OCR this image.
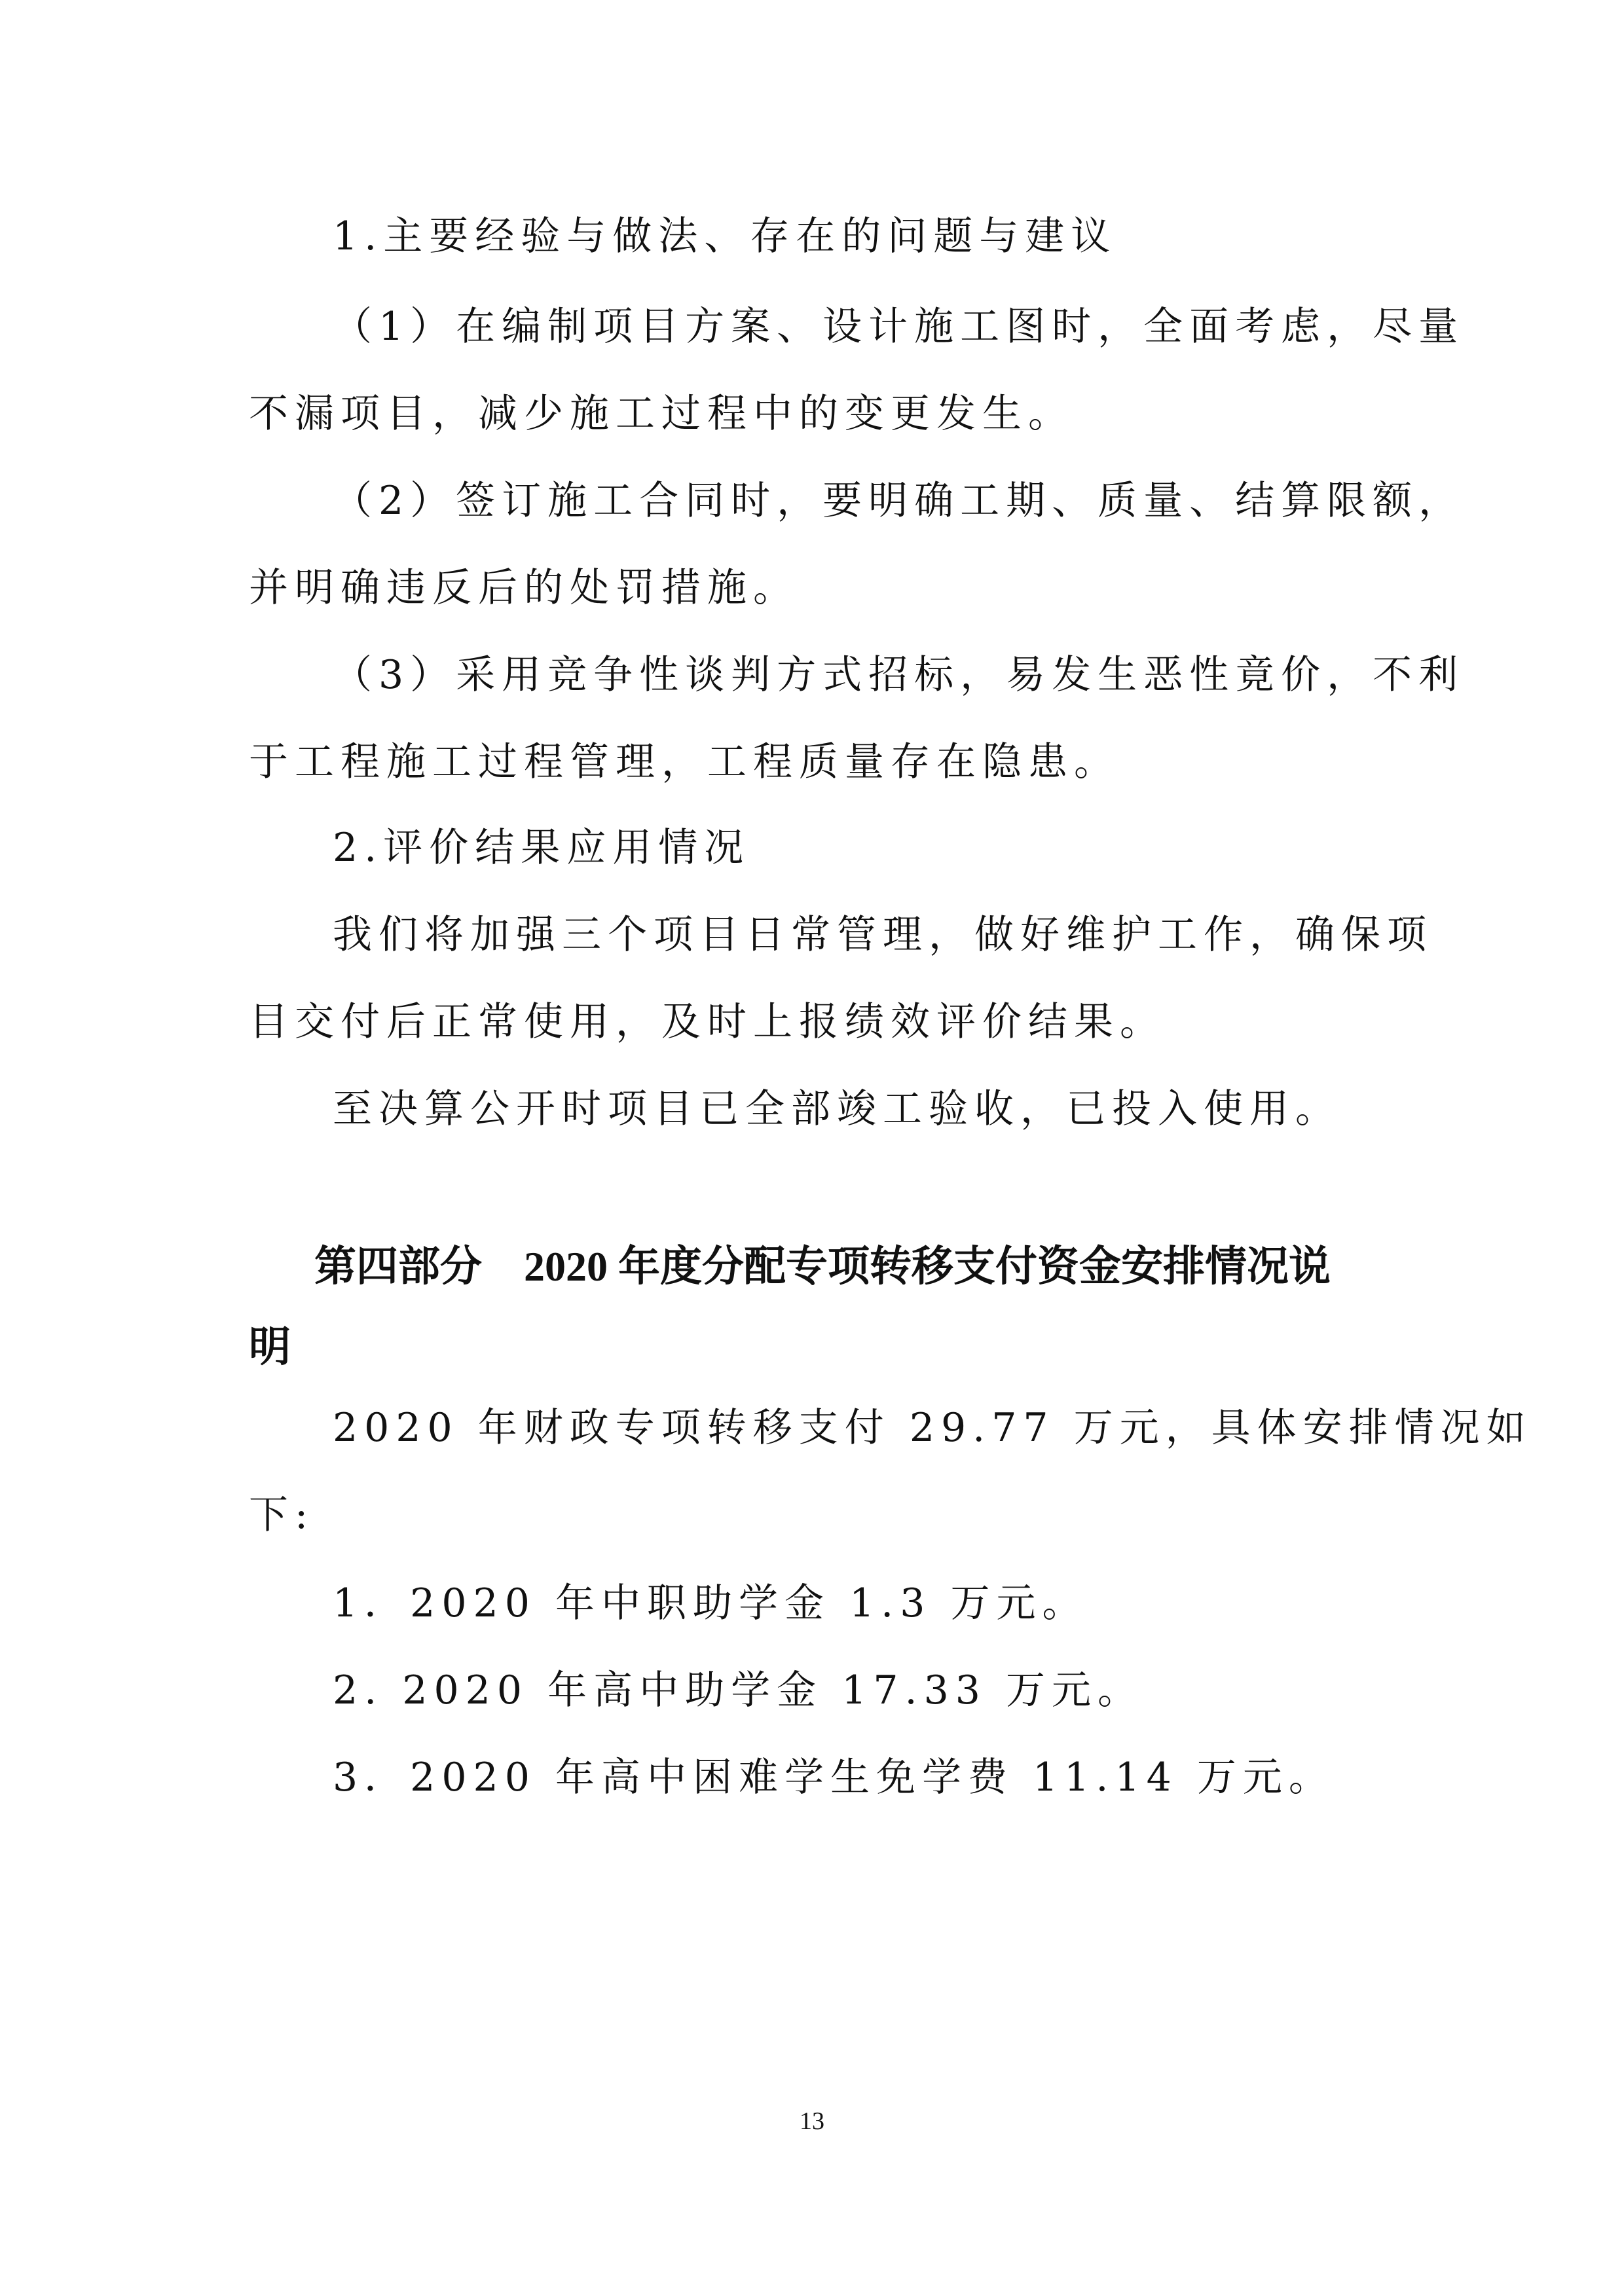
1.主要经验与做法、存在的问题与建议
（1）在编制项目方案、设计施工图时，全面考虑，尽量
不漏项目，减少施工过程中的变更发生。
（2）签订施工合同时，要明确工期、质量、结算限额，
并明确违反后的处罚措施。
（3）采用竞争性谈判方式招标，易发生恶性竟价，不利
于工程施工过程管理，工程质量存在隐患。
2.评价结果应用情况
我们将加强三个项目日常管理，做好维护工作，确保项
目交付后正常使用，及时上报绩效评价结果。
至决算公开时项目已全部竣工验收，已投入使用。
第四部分　2020 年度分配专项转移支付资金安排情况说
明
2020 年财政专项转移支付 29.77 万元，具体安排情况如
下:
1．2020 年中职助学金 1.3 万元。
2. 2020 年高中助学金 17.33 万元。
3．2020 年高中困难学生免学费 11.14 万元。
13
